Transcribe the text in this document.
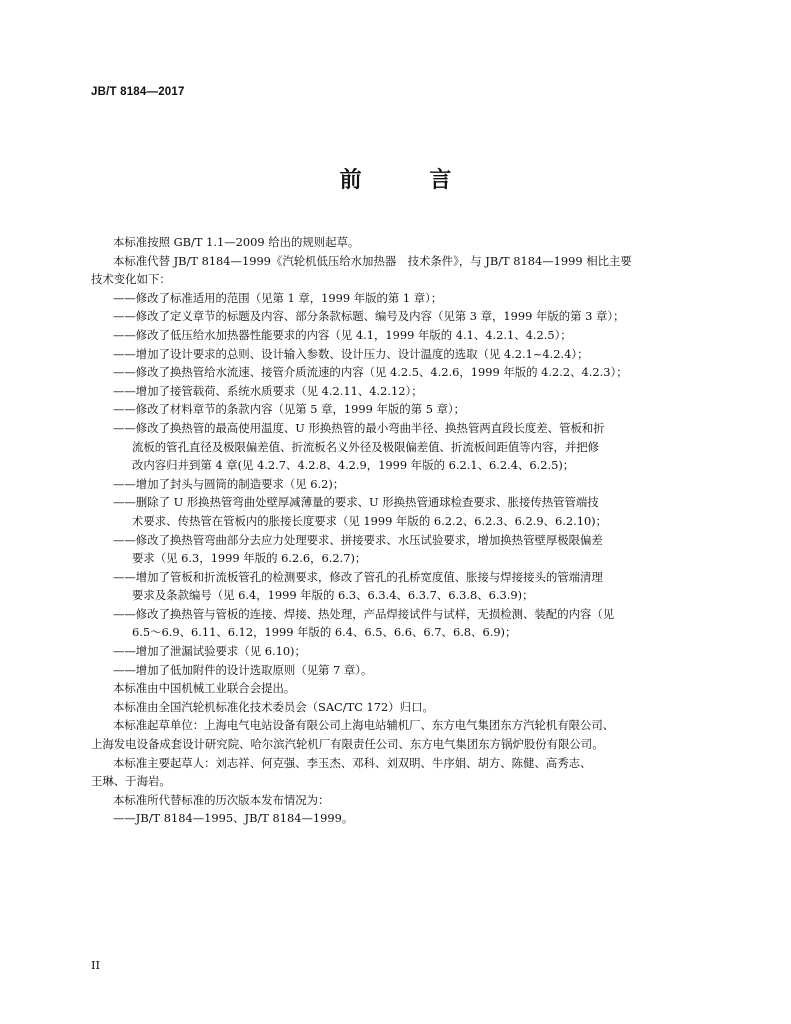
JB/T 8184—2017
前 言

本标准按照 GB/T 1.1—2009 给出的规则起草。

本标准代替 JB/T 8184—1999《汽轮机低压给水加热器　技术条件》，与 JB/T 8184—1999 相比主要

技术变化如下：

——修改了标准适用的范围（见第 1 章，1999 年版的第 1 章）；

——修改了定义章节的标题及内容、部分条款标题、编号及内容（见第 3 章，1999 年版的第 3 章）；

——修改了低压给水加热器性能要求的内容（见 4.1，1999 年版的 4.1、4.2.1、4.2.5）；

——增加了设计要求的总则、设计输入参数、设计压力、设计温度的选取（见 4.2.1~4.2.4）；

——修改了换热管给水流速、接管介质流速的内容（见 4.2.5、4.2.6，1999 年版的 4.2.2、4.2.3）；

——增加了接管载荷、系统水质要求（见 4.2.11、4.2.12）；

——修改了材料章节的条款内容（见第 5 章，1999 年版的第 5 章）；

——修改了换热管的最高使用温度、U 形换热管的最小弯曲半径、换热管两直段长度差、管板和折

流板的管孔直径及极限偏差值、折流板名义外径及极限偏差值、折流板间距值等内容，并把修

改内容归并到第 4 章(见 4.2.7、4.2.8、4.2.9，1999 年版的 6.2.1、6.2.4、6.2.5)；

——增加了封头与圆筒的制造要求（见 6.2)；

——删除了 U 形换热管弯曲处壁厚减薄量的要求、U 形换热管通球检查要求、胀接传热管管端技

术要求、传热管在管板内的胀接长度要求（见 1999 年版的 6.2.2、6.2.3、6.2.9、6.2.10)；

——修改了换热管弯曲部分去应力处理要求、拼接要求、水压试验要求，增加换热管壁厚极限偏差

要求（见 6.3，1999 年版的 6.2.6，6.2.7)；

——增加了管板和折流板管孔的检测要求，修改了管孔的孔桥宽度值、胀接与焊接接头的管端清理

要求及条款编号（见 6.4，1999 年版的 6.3、6.3.4、6.3.7、6.3.8、6.3.9)；

——修改了换热管与管板的连接、焊接、热处理，产品焊接试件与试样，无损检测、装配的内容（见

6.5～6.9、6.11、6.12，1999 年版的 6.4、6.5、6.6、6.7、6.8、6.9)；

——增加了泄漏试验要求（见 6.10)；

——增加了低加附件的设计选取原则（见第 7 章）。

本标准由中国机械工业联合会提出。

本标准由全国汽轮机标准化技术委员会（SAC/TC 172）归口。

本标准起草单位：上海电气电站设备有限公司上海电站辅机厂、东方电气集团东方汽轮机有限公司、

上海发电设备成套设计研究院、哈尔滨汽轮机厂有限责任公司、东方电气集团东方锅炉股份有限公司。

本标准主要起草人：刘志祥、何克强、李玉杰、邓科、刘双明、牛序娟、胡方、陈健、高秀志、

王琳、于海岩。

本标准所代替标准的历次版本发布情况为：

——JB/T 8184—1995、JB/T 8184—1999。

II
